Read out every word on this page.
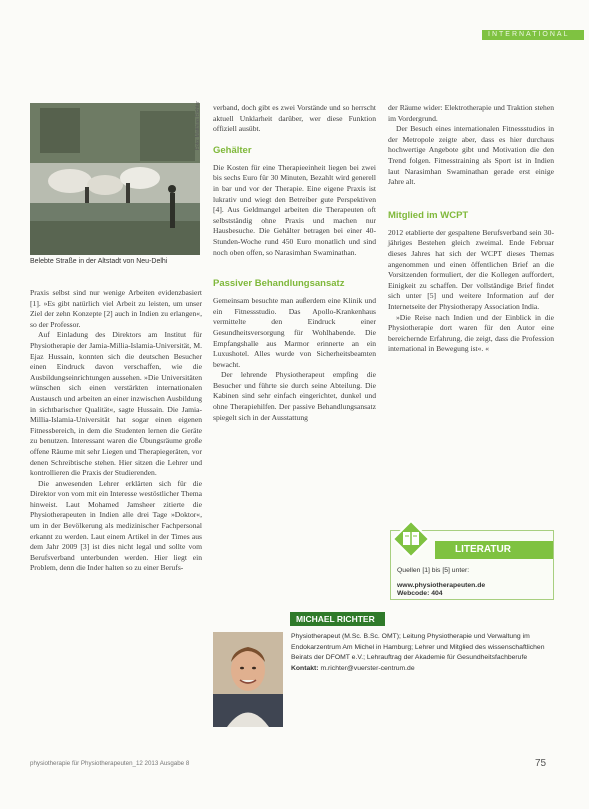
INTERNATIONAL
Foto: Matthias Richter
Belebte Straße in der Altstadt von Neu-Delhi

Praxis selbst sind nur wenige Arbeiten evidenzbasiert [1]. »Es gibt natürlich viel Arbeit zu leisten, um unser Ziel der zehn Konzepte [2] auch in Indien zu erlangen«, so der Professor.

Auf Einladung des Direktors am Institut für Physiotherapie der Jamia-Millia-Islamia-Universität, M. Ejaz Hussain, konnten sich die deutschen Besucher einen Eindruck davon verschaffen, wie die Ausbildungseinrichtungen aussehen. »Die Universitäten wünschen sich einen verstärkten internationalen Austausch und arbeiten an einer inzwischen Ausbildung in sichtbarischer Qualität«, sagte Hussain. Die Jamia-Millia-Islamia-Universität hat sogar einen eigenen Fitnessbereich, in dem die Studenten lernen die Geräte zu benutzen. Interessant waren die Übungsräume große offene Räume mit sehr Liegen und Therapiegeräten, vor denen Schreibtische stehen. Hier sitzen die Lehrer und kontrollieren die Praxis der Studierenden.

Die anwesenden Lehrer erklärten sich für die Direktor von vom mit ein Interesse westöstlicher Thema hinweist. Laut Mohamed Jamsheer zitierte die Physiotherapeuten in Indien alle drei Tage »Doktor«, um in der Bevölkerung als medizinischer Fachpersonal erkannt zu werden. Laut einem Artikel in der Times aus dem Jahr 2009 [3] ist dies nicht legal und sollte vom Berufsverband unterbunden werden. Hier liegt ein Problem, denn die Inder halten so zu einer Berufs-

verband, doch gibt es zwei Vorstände und so herrscht aktuell Unklarheit darüber, wer diese Funktion offiziell ausübt.

Gehälter

Die Kosten für eine Therapieeinheit liegen bei zwei bis sechs Euro für 30 Minuten, Bezahlt wird generell in bar und vor der Therapie. Eine eigene Praxis ist lukrativ und wiegt den Betreiber gute Perspektiven [4]. Aus Geldmangel arbeiten die Therapeuten oft selbstständig ohne Praxis und machen nur Hausbesuche. Die Gehälter betragen bei einer 40-Stunden-Woche rund 450 Euro monatlich und sind noch oben offen, so Narasimhan Swaminathan.

Passiver Behandlungsansatz

Gemeinsam besuchte man außerdem eine Klinik und ein Fitnessstudio. Das Apollo-Krankenhaus vermittelte den Eindruck einer Gesundheitsversorgung für Wohlhabende. Die Empfangshalle aus Marmor erinnerte an ein Luxushotel. Alles wurde von Sicherheitsbeamten bewacht.

Der lehrende Physiotherapeut empfing die Besucher und führte sie durch seine Abteilung. Die Kabinen sind sehr einfach eingerichtet, dunkel und ohne Therapiehilfen. Der passive Behandlungsansatz spiegelt sich in der Ausstattung

der Räume wider: Elektrotherapie und Traktion stehen im Vordergrund.

Der Besuch eines internationalen Fitnessstudios in der Metropole zeigte aber, dass es hier durchaus hochwertige Angebote gibt und Motivation die den Trend folgen. Fitnesstraining als Sport ist in Indien laut Narasimhan Swaminathan gerade erst einige Jahre alt.

Mitglied im WCPT

2012 etablierte der gespaltene Berufsverband sein 30-jähriges Bestehen gleich zweimal. Ende Februar dieses Jahres hat sich der WCPT dieses Themas angenommen und einen öffentlichen Brief an die Vorsitzenden formuliert, der die Kollegen auffordert, Einigkeit zu schaffen. Der vollständige Brief findet sich unter [5] und weitere Information auf der Internetseite der Physiotherapy Association India.

»Die Reise nach Indien und der Einblick in die Physiotherapie dort waren für den Autor eine bereichernde Erfahrung, die zeigt, dass die Profession international in Bewegung ist«. «

LITERATUR
Quellen [1] bis [5] unter:
www.physiotherapeuten.de
Webcode: 404
MICHAEL RICHTER
Physiotherapeut (M.Sc. B.Sc. OMT); Leitung Physiotherapie und Verwaltung im Endokarzentrum Am Michel in Hamburg; Lehrer und Mitglied des wissenschaftlichen Beirats der DFOMT e.V.; Lehrauftrag der Akademie für Gesundheitsfachberufe
Kontakt: m.richter@vuerster-centrum.de
physiotherapie für Physiotherapeuten_12 2013 Ausgabe 8	75
